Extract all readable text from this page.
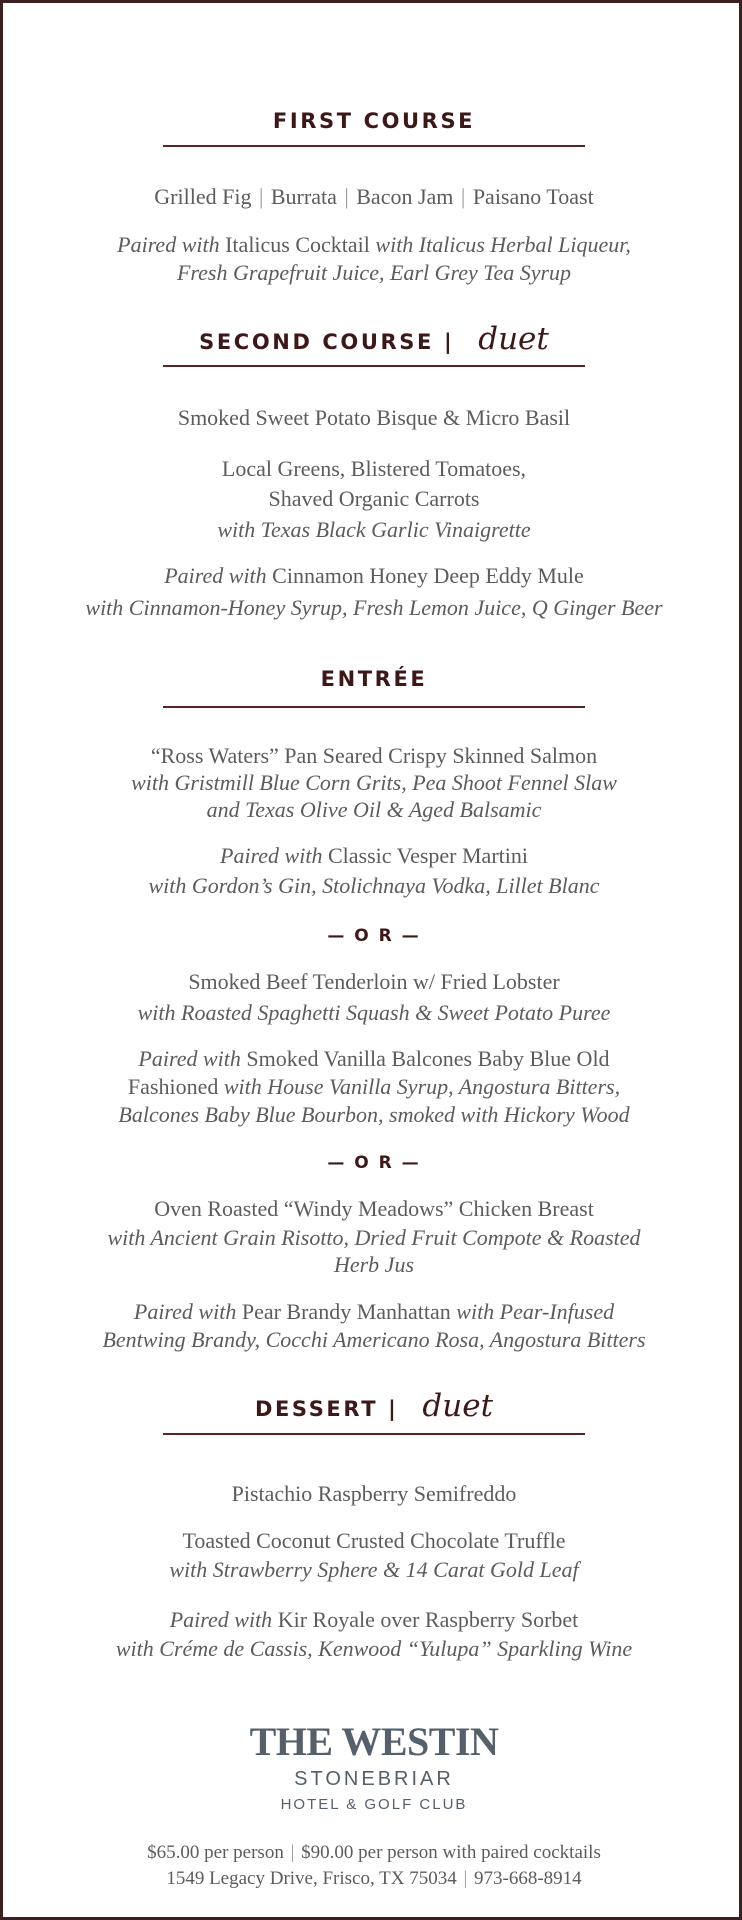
FIRST COURSE
Grilled Fig | Burrata | Bacon Jam | Paisano Toast
Paired with Italicus Cocktail with Italicus Herbal Liqueur,
Fresh Grapefruit Juice, Earl Grey Tea Syrup
SECOND COURSE | duet
Smoked Sweet Potato Bisque & Micro Basil
Local Greens, Blistered Tomatoes,
Shaved Organic Carrots
with Texas Black Garlic Vinaigrette
Paired with Cinnamon Honey Deep Eddy Mule
with Cinnamon-Honey Syrup, Fresh Lemon Juice, Q Ginger Beer
ENTRÉE
“Ross Waters” Pan Seared Crispy Skinned Salmon
with Gristmill Blue Corn Grits, Pea Shoot Fennel Slaw
and Texas Olive Oil & Aged Balsamic
Paired with Classic Vesper Martini
with Gordon’s Gin, Stolichnaya Vodka, Lillet Blanc
— O R —
Smoked Beef Tenderloin w/ Fried Lobster
with Roasted Spaghetti Squash & Sweet Potato Puree
Paired with Smoked Vanilla Balcones Baby Blue Old
Fashioned with House Vanilla Syrup, Angostura Bitters,
Balcones Baby Blue Bourbon, smoked with Hickory Wood
— O R —
Oven Roasted “Windy Meadows” Chicken Breast
with Ancient Grain Risotto, Dried Fruit Compote & Roasted
Herb Jus
Paired with Pear Brandy Manhattan with Pear-Infused
Bentwing Brandy, Cocchi Americano Rosa, Angostura Bitters
DESSERT | duet
Pistachio Raspberry Semifreddo
Toasted Coconut Crusted Chocolate Truffle
with Strawberry Sphere & 14 Carat Gold Leaf
Paired with Kir Royale over Raspberry Sorbet
with Créme de Cassis, Kenwood “Yulupa” Sparkling Wine
THE WESTIN
STONEBRIAR
HOTEL & GOLF CLUB
$65.00 per person | $90.00 per person with paired cocktails
1549 Legacy Drive, Frisco, TX 75034 | 973-668-8914
